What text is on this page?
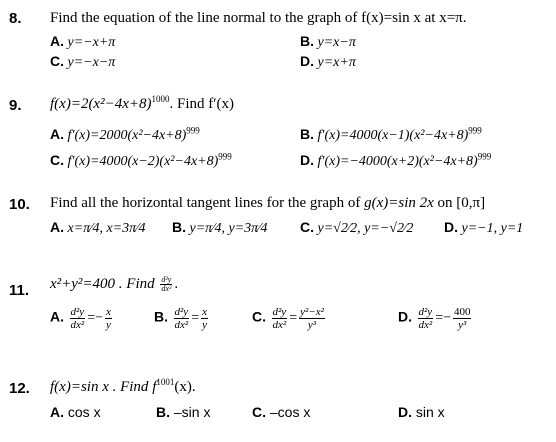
8. Find the equation of the line normal to the graph of f(x)=sin x at x=π.
A. y=−x+π	B. y=x−π
C. y=−x−π	D. y=x+π
9. $f(x)=2(x^2-4x+8)^{1000}$. Find f′(x)
A. $f'(x)=2000(x^2-4x+8)^{999}$	B. $f'(x)=4000(x-1)(x^2-4x+8)^{999}$
C. $f'(x)=4000(x-2)(x^2-4x+8)^{999}$	D. $f'(x)=-4000(x+2)(x^2-4x+8)^{999}$
10. Find all the horizontal tangent lines for the graph of g(x)=sin 2x on [0,π]
A. x=π⁄4, x=3π⁄4 B. y=π⁄4, y=3π⁄4 C. y=√2⁄2, y=−√2⁄2 D. y=−1, y=1
11. x²+y²=400 . Find $\frac{\text{d²y}}{\text{dx²}}$ .
A. $\frac{\text{d²y}}{\text{dx²}} =- \frac{x}{y}$	B. $\frac{\text{d²y}}{\text{dx²}} = \frac{x}{y}$	C. $\frac{\text{d²y}}{\text{dx²}} = \frac{\text{y²−x²}}{\text{y³}}$	D. $\frac{\text{d²y}}{\text{dx²}} =- \frac{400}{\text{y³}}$
12. f(x)=sin x . Find $f^{1001}(x)$.
A. cos x	B. –sin x	C. –cos x	D. sin x
